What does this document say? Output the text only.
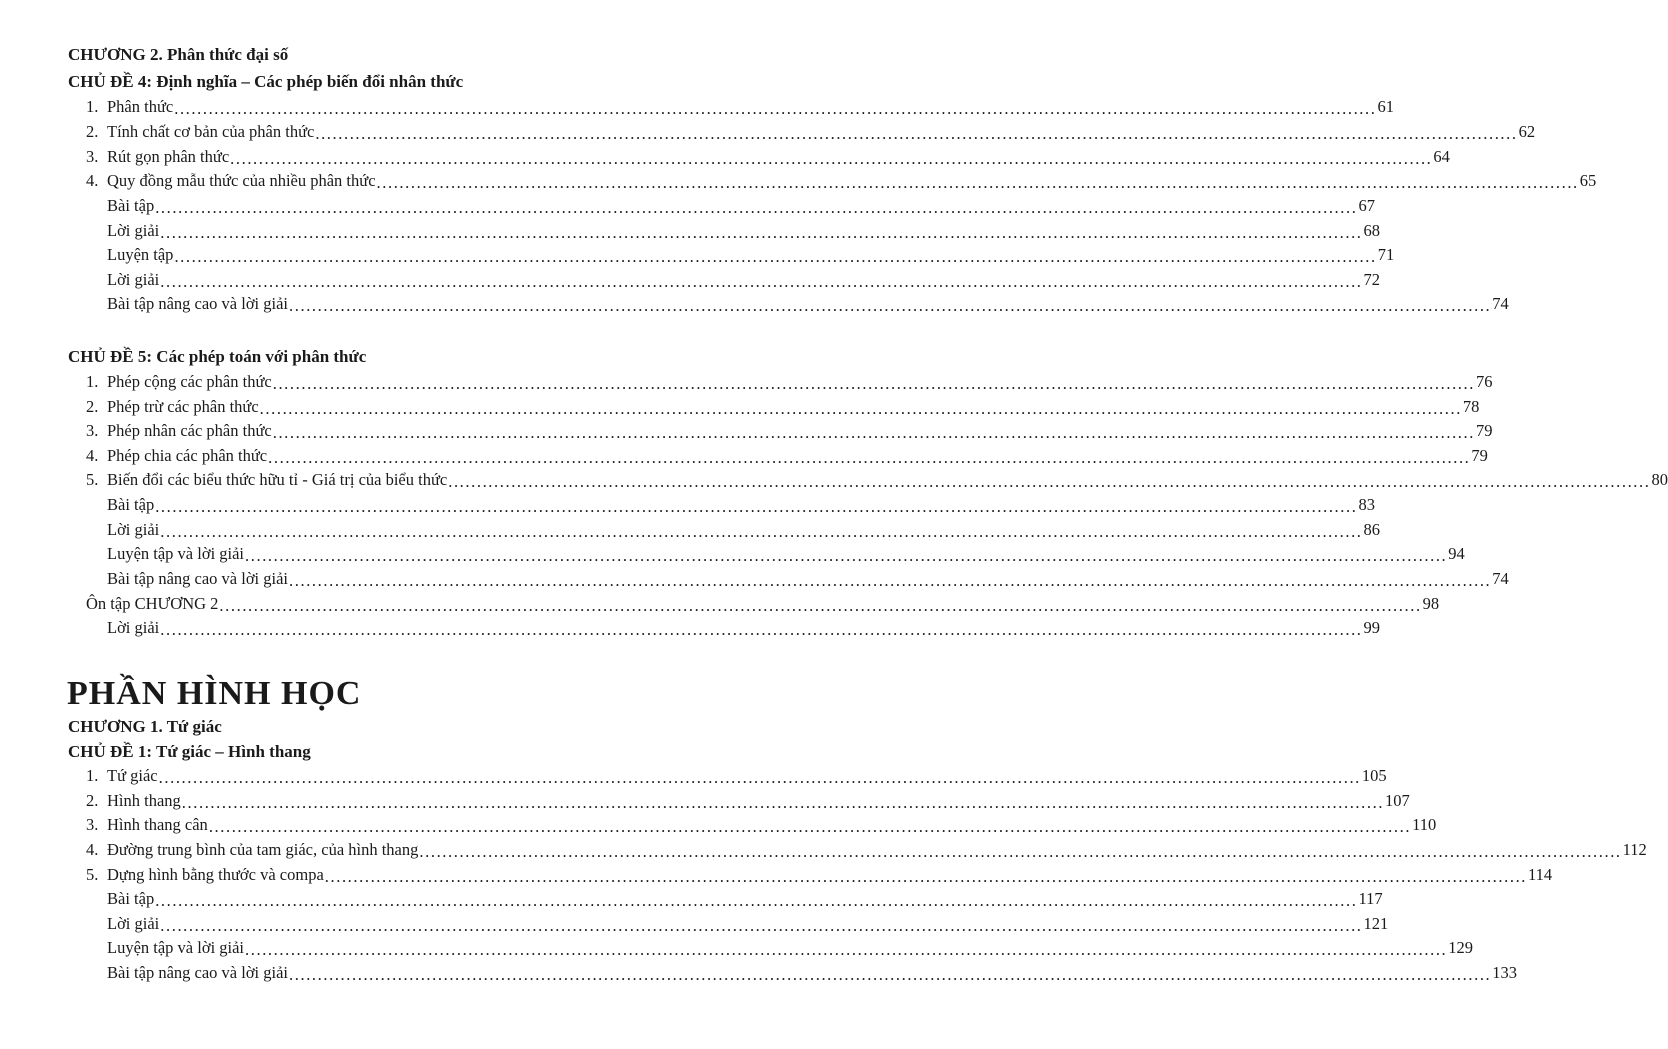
CHƯƠNG 2. Phân thức đại số
CHỦ ĐỀ 4: Định nghĩa – Các phép biến đổi nhân thức
1. Phân thức .................................................................................................................................................................................................................. 61
2. Tính chất cơ bản của phân thức .................................................................................................................................................................................................................. 62
3. Rút gọn phân thức .................................................................................................................................................................................................................. 64
4. Quy đồng mẫu thức của nhiều phân thức .................................................................................................................................................................................................................. 65
Bài tập .................................................................................................................................................................................................................. 67
Lời giải .................................................................................................................................................................................................................. 68
Luyện tập .................................................................................................................................................................................................................. 71
Lời giải .................................................................................................................................................................................................................. 72
Bài tập nâng cao và lời giải .................................................................................................................................................................................................................. 74
CHỦ ĐỀ 5: Các phép toán với phân thức
1. Phép cộng các phân thức .................................................................................................................................................................................................................. 76
2. Phép trừ các phân thức .................................................................................................................................................................................................................. 78
3. Phép nhân các phân thức .................................................................................................................................................................................................................. 79
4. Phép chia các phân thức .................................................................................................................................................................................................................. 79
5. Biến đổi các biểu thức hữu tỉ - Giá trị của biểu thức .................................................................................................................................................................................................................. 80
Bài tập .................................................................................................................................................................................................................. 83
Lời giải .................................................................................................................................................................................................................. 86
Luyện tập và lời giải .................................................................................................................................................................................................................. 94
Bài tập nâng cao và lời giải .................................................................................................................................................................................................................. 74
Ôn tập CHƯƠNG 2 .................................................................................................................................................................................................................. 98
Lời giải .................................................................................................................................................................................................................. 99
PHẦN HÌNH HỌC
CHƯƠNG 1. Tứ giác
CHỦ ĐỀ 1: Tứ giác – Hình thang
1. Tứ giác .................................................................................................................................................................................................................. 105
2. Hình thang .................................................................................................................................................................................................................. 107
3. Hình thang cân .................................................................................................................................................................................................................. 110
4. Đường trung bình của tam giác, của hình thang .................................................................................................................................................................................................................. 112
5. Dựng hình bằng thước và compa .................................................................................................................................................................................................................. 114
Bài tập .................................................................................................................................................................................................................. 117
Lời giải .................................................................................................................................................................................................................. 121
Luyện tập và lời giải .................................................................................................................................................................................................................. 129
Bài tập nâng cao và lời giải .................................................................................................................................................................................................................. 133
